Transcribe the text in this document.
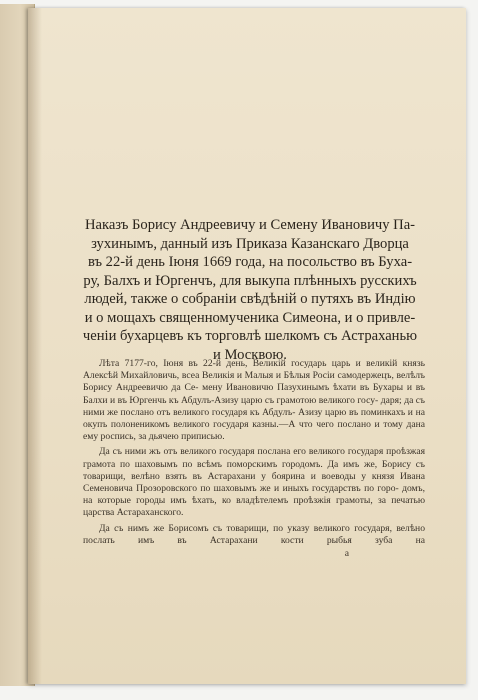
Наказъ Борису Андреевичу и Семену Ивановичу Па-
зухинымъ, данный изъ Приказа Казанскаго Дворца
въ 22-й день Іюня 1669 года, на посольство въ Буха-
ру, Балхъ и Юргенчъ, для выкупа плѣнныхъ русскихъ
людей, также о собраніи свѣдѣній о путяхъ въ Индію
и о мощахъ священномученика Симеона, и о привле-
ченіи бухарцевъ къ торговлѣ шелкомъ съ Астраханью
и Москвою.

Лѣта 7177-го, Іюня въ 22-й день, Великій государь царь и великій князь Алексѣй Михайловичь, всеа Великія и Малыя и Бѣлыя Росіи самодержецъ, велѣлъ Борису Андреевичю да Се- мену Ивановичю Пазухинымъ ѣхати въ Бухары и въ Балхи и въ Юргенчь къ Абдулъ-Азизу царю съ грамотою великого госу- даря; да съ ними же послано отъ великого государя къ Абдулъ- Азизу царю въ поминкахъ и на окупъ полоненикомъ великого государя казны.—А что чего послано и тому дана ему роспись, за дьячею приписью.

Да съ ними жъ отъ великого государя послана его великого государя проѣзжая грамота по шаховымъ по всѣмъ поморскимъ городомъ. Да имъ же, Борису съ товарищи, велѣно взять въ Астарахани у боярина и воеводы у князя Ивана Семеновича Прозоровского по шаховымъ же и иныхъ государствъ по горо- домъ, на которые городы имъ ѣхать, ко владѣтелемъ проѣзжія грамоты, за печатью царства Астараханского.

Да съ нимъ же Борисомъ съ товарищи, по указу великого государя, велѣно послать имъ въ Астарахани кости рыбья зуба на

а
